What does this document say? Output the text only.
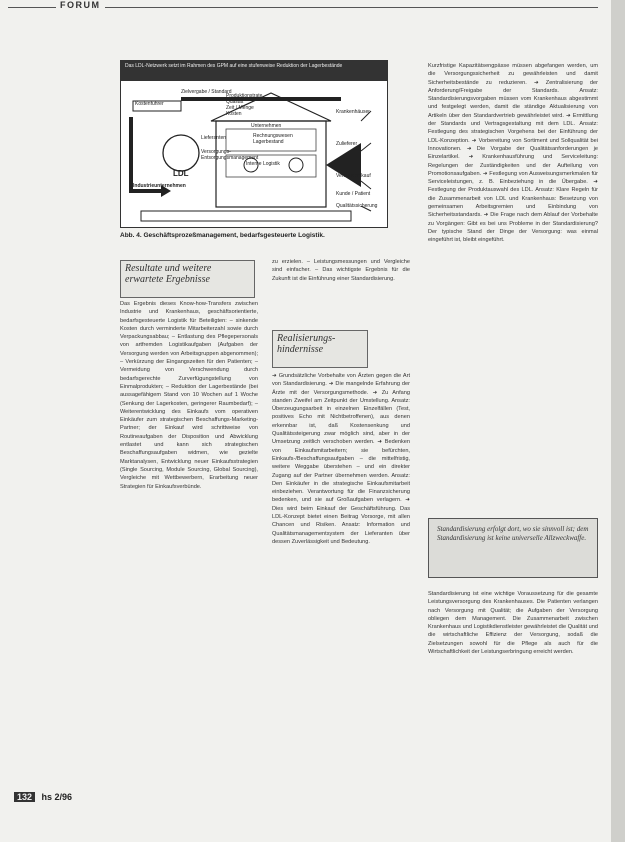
FORUM
Das LDL-Netzwerk setzt im Rahmen des GPM auf eine stufenweise Reduktion der Lagerbestände
Kostenführer
Zielvergabe / Standard
Produktionstrate
Qualität
Zeit / Menge
Kosten
Unternehmen
Lieferanten	Rechnungswesen
Lagerbestand
LDL
Versorgungs-
Entsorgungsmanagement
Interne Logistik
Industrieunternehmen
Krankenhäuser
Zulieferer
Verbundeinkauf
Kunde / Patient
Qualitätssicherung
Abb. 4. Geschäftsprozeßmanagement, bedarfsgesteuerte Logistik.
Resultate und weitere erwartete Ergebnisse

Das Ergebnis dieses Know-how-Transfers zwischen Industrie und Krankenhaus, geschäftsorientierte, bedarfsgesteuerte Logistik für Beteiligten: – sinkende Kosten durch verminderte Mitarbeiterzahl sowie durch Verpackungsabbau; – Entlastung des Pflegepersonals von artfremden Logistikaufgaben (Aufgaben der Versorgung werden von Arbeitsgruppen abgenommen); – Verkürzung der Eingangszeiten für den Patienten; – Vermeidung von Verschwendung durch bedarfsgerechte Zurverfügungstellung von Einmalprodukten; – Reduktion der Lagerbestände (bei aussagefähigem Stand von 10 Wochen auf 1 Woche (Senkung der Lagerkosten, geringerer Raumbedarf); – Weiterentwicklung des Einkaufs vom operativen Einkäufer zum strategischen Beschaffungs-Marketing-Partner; der Einkauf wird schrittweise von Routineaufgaben der Disposition und Abwicklung entlastet und kann sich strategischen Beschaffungsaufgaben widmen, wie gezielte Marktanalysen, Entwicklung neuer Einkaufsstrategien (Single Sourcing, Module Sourcing, Global Sourcing), Vergleiche mit Wettbewerbern, Erarbeitung neuer Strategien für Einkaufsverbünde.

zu erzielen. – Leistungsmessungen und Vergleiche sind einfacher. – Das wichtigste Ergebnis für die Zukunft ist die Einführung einer Standardisierung.

Realisierungs-hindernisse

➜ Grundsätzliche Vorbehalte von Ärzten gegen die Art von Standardisierung. ➜ Die mangelnde Erfahrung der Ärzte mit der Versorgungsmethode. ➜ Zu Anfang standen Zweifel am Zeitpunkt der Umstellung. Ansatz: Überzeugungsarbeit in einzelnen Einzelfällen (Test, positives Echo mit Nichtbetroffenen), aus denen erkennbar ist, daß Kostensenkung und Qualitätssteigerung zwar möglich sind, aber in der Umsetzung zeitlich verschoben werden. ➜ Bedenken von Einkaufsmitarbeitern; sie befürchten, Einkaufs-/Beschaffungsaufgaben – die mittelfristig, weitere Weggabe überstehen – und ein direkter Zugang auf der Partner übernehmen werden. Ansatz: Den Einkäufer in die strategische Einkaufsmitarbeit einbeziehen. Verantwortung für die Finanzsicherung bedenken, und sie auf Großaufgaben verlagern. ➜ Dies wird beim Einkauf der Geschäftsführung. Das LDL-Konzept bietet einen Beitrag Vorsorge, mit allen Chancen und Risiken. Ansatz: Information und Qualitätsmanagementsystem der Lieferanten über dessen Zuverlässigkeit und Bedeutung.

Kurzfristige Kapazitätsengpässe müssen abgefangen werden, um die Versorgungssicherheit zu gewährleisten und damit Sicherheitsbestände zu reduzieren. ➜ Zentralisierung der Anforderung/Freigabe der Standards. Ansatz: Standardisierungsvorgaben müssen vom Krankenhaus abgestimmt und festgelegt werden, damit die ständige Aktualisierung von Artikeln über den Standardvertrieb gewährleistet wird. ➜ Ermittlung der Standards und Vertragsgestaltung mit dem LDL. Ansatz: Festlegung des strategischen Vorgehens bei der Einführung der LDL-Konzeption. ➜ Vorbereitung von Sortiment und Sollqualität bei Innovationen. ➜ Die Vorgabe der Qualitätsanforderungen je Einzelartikel. ➜ Krankenhausführung und Serviceleitung: Regelungen der Zuständigkeiten und der Aufteilung von Promotionsaufgaben. ➜ Festlegung von Ausweisungsmerkmalen für Serviceleistungen, z. B. Einbeziehung in die Übergabe. ➜ Festlegung der Produktauswahl des LDL. Ansatz: Klare Regeln für die Zusammenarbeit von LDL und Krankenhaus: Besetzung von gemeinsamen Arbeitsgremien und Einbindung von Sicherheitsstandards. ➜ Die Frage nach dem Ablauf der Vorbehalte zu Vorgängen: Gibt es bei uns Probleme in der Standardisierung? Der typische Stand der Dinge der Versorgung: was einmal eingeführt ist, bleibt eingeführt.

Standardisierung erfolgt dort, wo sie sinnvoll ist; dem Standardisierung ist keine universelle Allzweckwaffe.

Standardisierung ist eine wichtige Voraussetzung für die gesamte Leistungsversorgung des Krankenhauses. Die Patienten verlangen nach Versorgung mit Qualität; die Aufgaben der Versorgung obliegen dem Management. Die Zusammenarbeit zwischen Krankenhaus und Logistikdienstleister gewährleistet die Qualität und die wirtschaftliche Effizienz der Versorgung, sodaß die Zielsetzungen sowohl für die Pflege als auch für die Wirtschaftlichkeit der Leistungserbringung erreicht werden.

132 hs 2/96
